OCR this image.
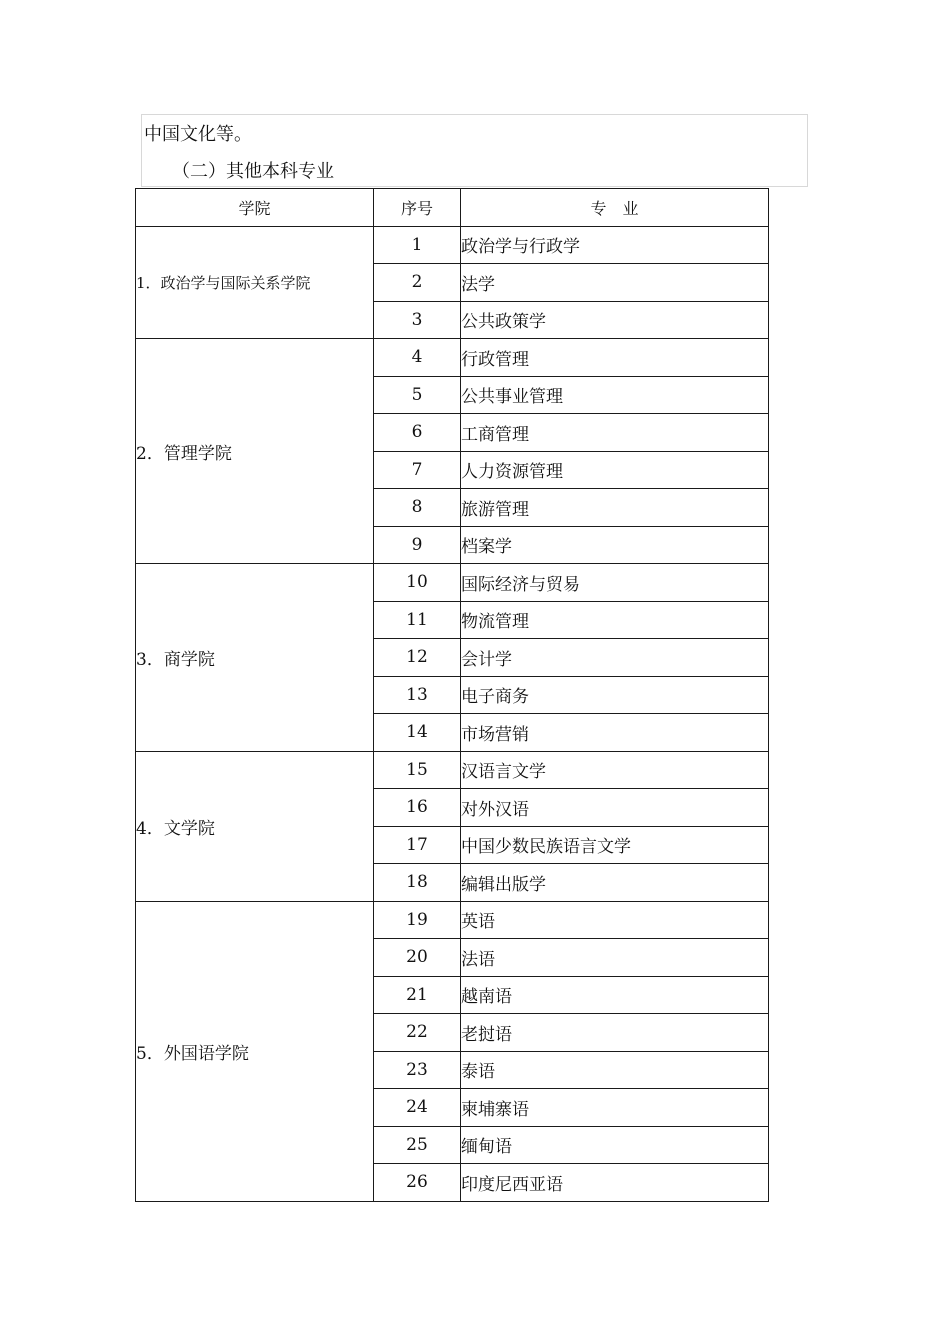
中国文化等。
（二）其他本科专业
学院	序号	专　业
1．政治学与国际关系学院	1	政治学与行政学
	2	法学
	3	公共政策学
2．管理学院	4	行政管理
	5	公共事业管理
	6	工商管理
	7	人力资源管理
	8	旅游管理
	9	档案学
3．商学院	10	国际经济与贸易
	11	物流管理
	12	会计学
	13	电子商务
	14	市场营销
4．文学院	15	汉语言文学
	16	对外汉语
	17	中国少数民族语言文学
	18	编辑出版学
5．外国语学院	19	英语
	20	法语
	21	越南语
	22	老挝语
	23	泰语
	24	柬埔寨语
	25	缅甸语
	26	印度尼西亚语
